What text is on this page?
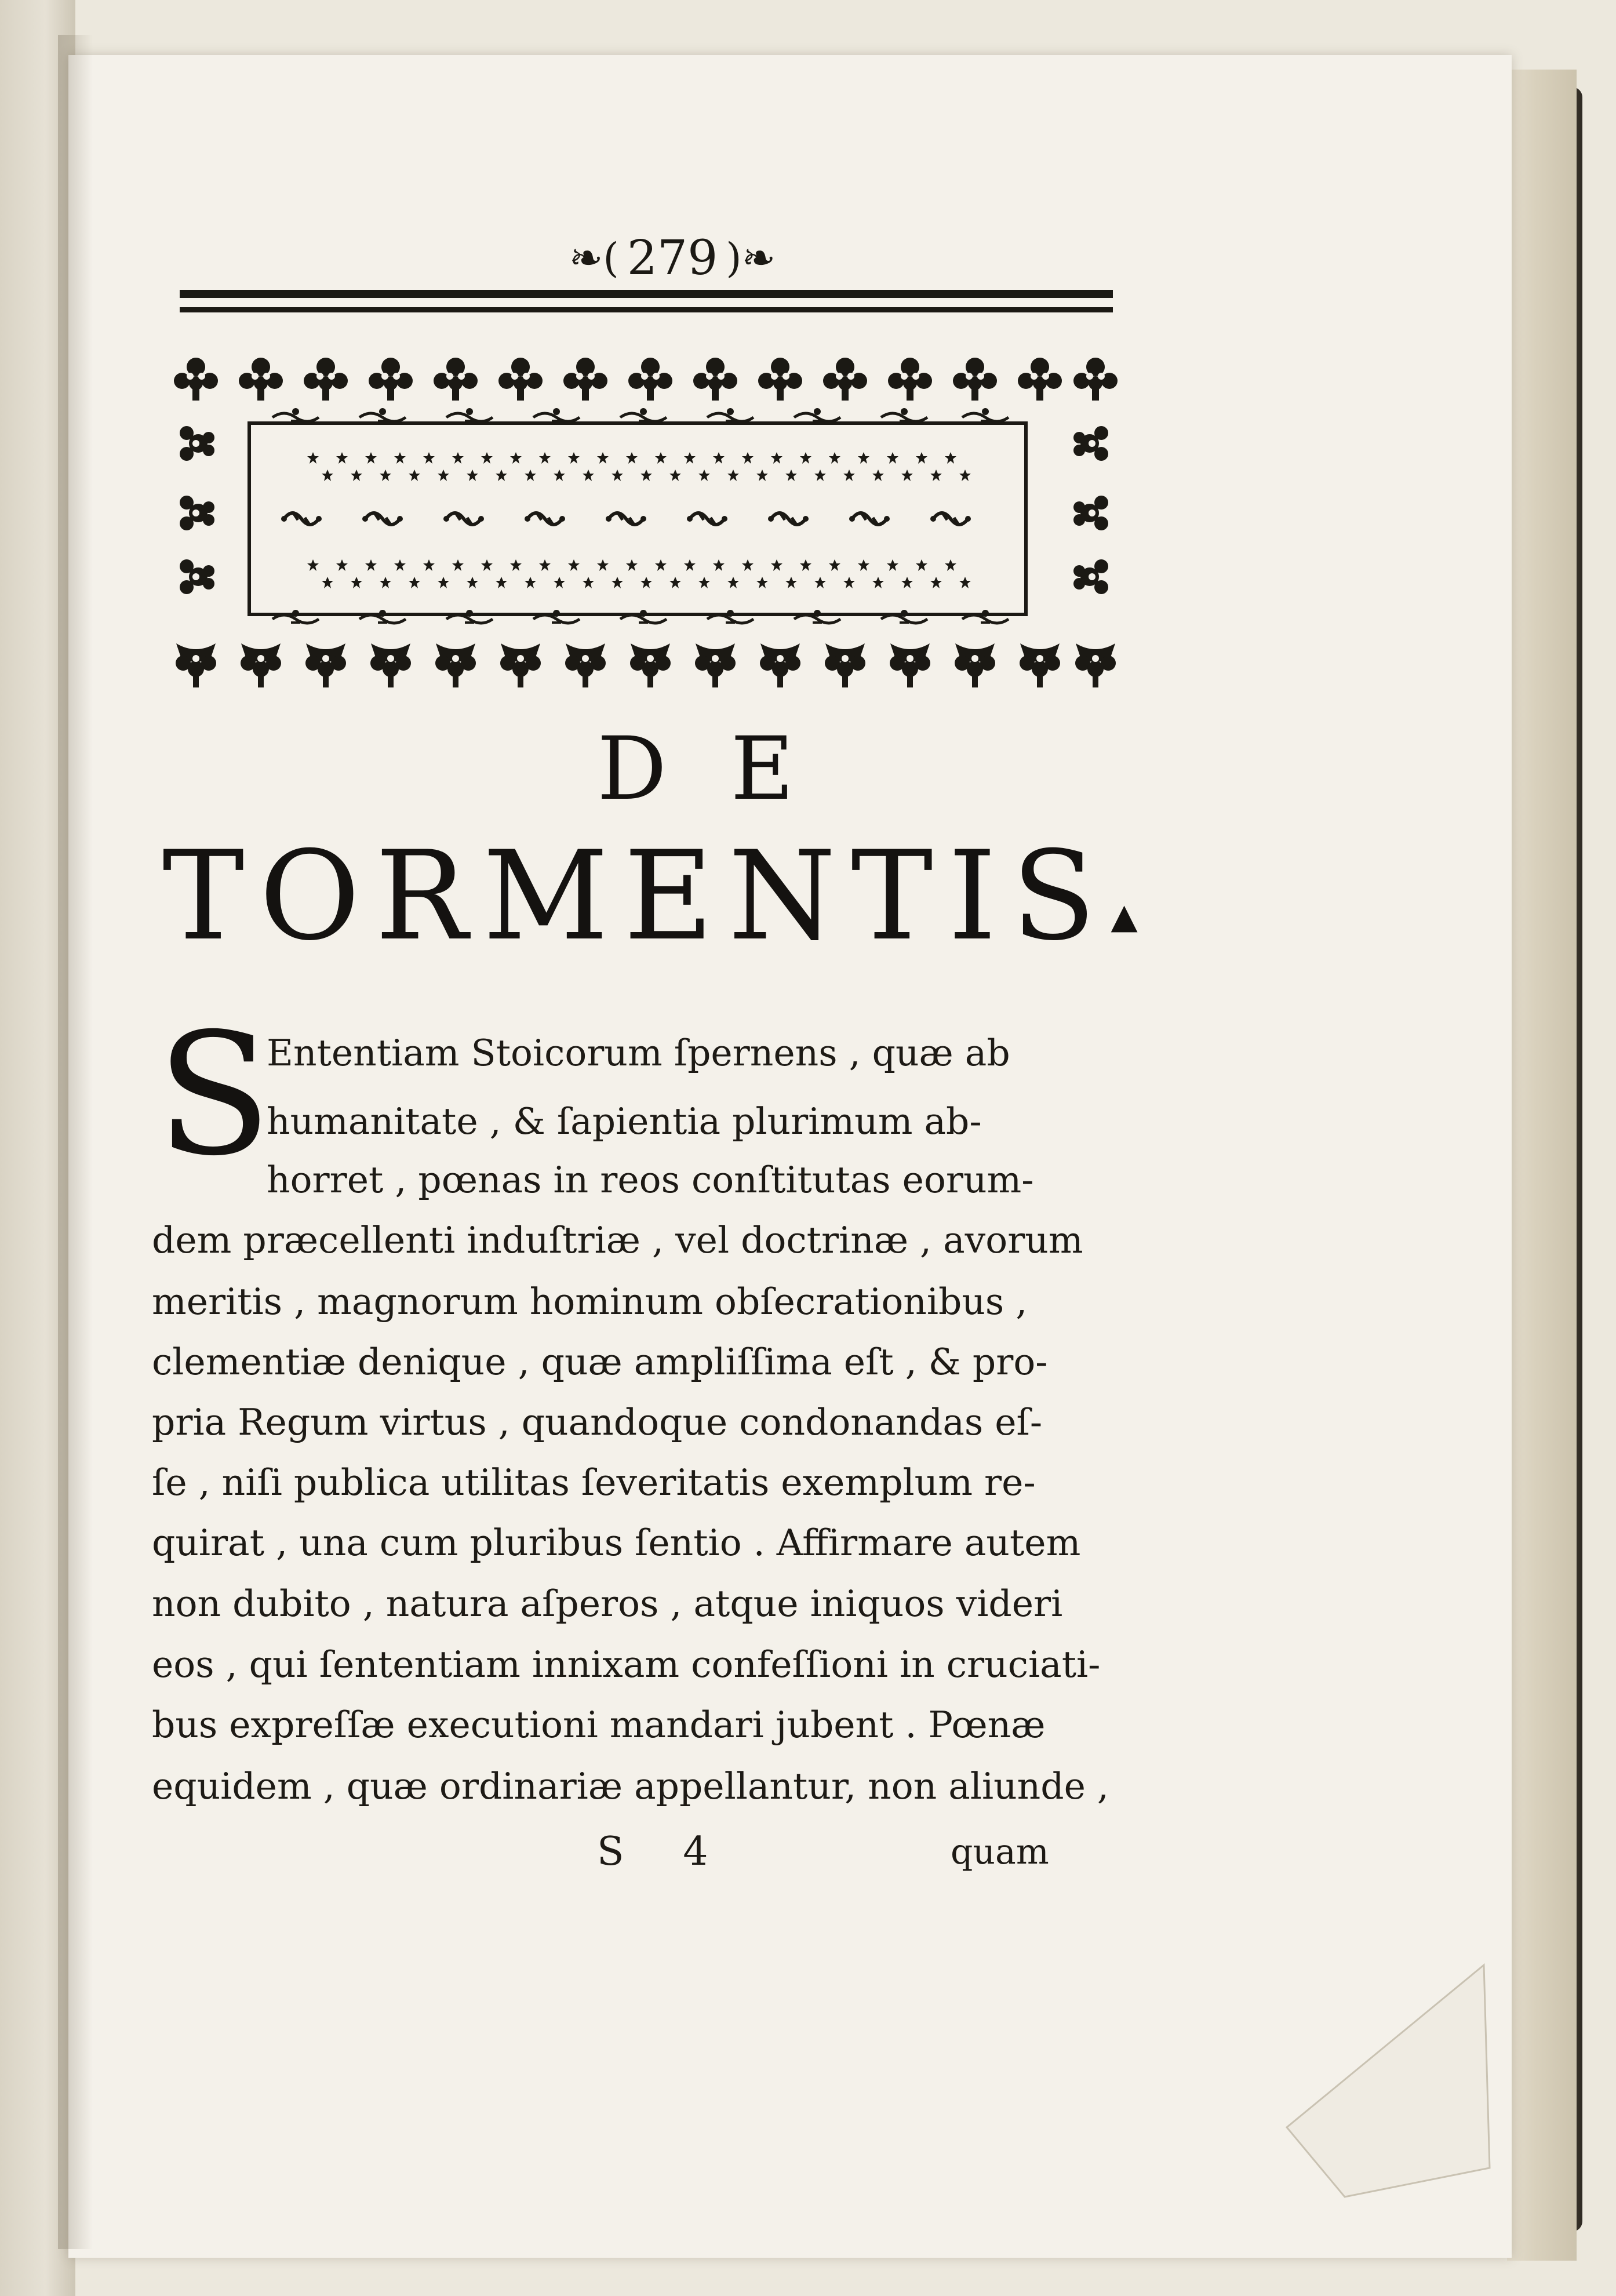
❧( 279 )❧
DE
TORMENTIS▲
S
Ententiam Stoicorum ſpernens , quæ ab
humanitate , & ſapientia plurimum ab-
horret , pœnas in reos conſtitutas eorum-
dem præcellenti induſtriæ , vel doctrinæ , avorum
meritis , magnorum hominum obſecrationibus ,
clementiæ denique , quæ ampliſſima eſt , & pro-
pria Regum virtus , quandoque condonandas eſ-
ſe , niſi publica utilitas ſeveritatis exemplum re-
quirat , una cum pluribus ſentio . Affirmare autem
non dubito , natura aſperos , atque iniquos videri
eos , qui ſententiam innixam confeſſioni in cruciati-
bus expreſſæ executioni mandari jubent . Pœnæ
equidem , quæ ordinariæ appellantur, non aliunde ,
S 4	quam
